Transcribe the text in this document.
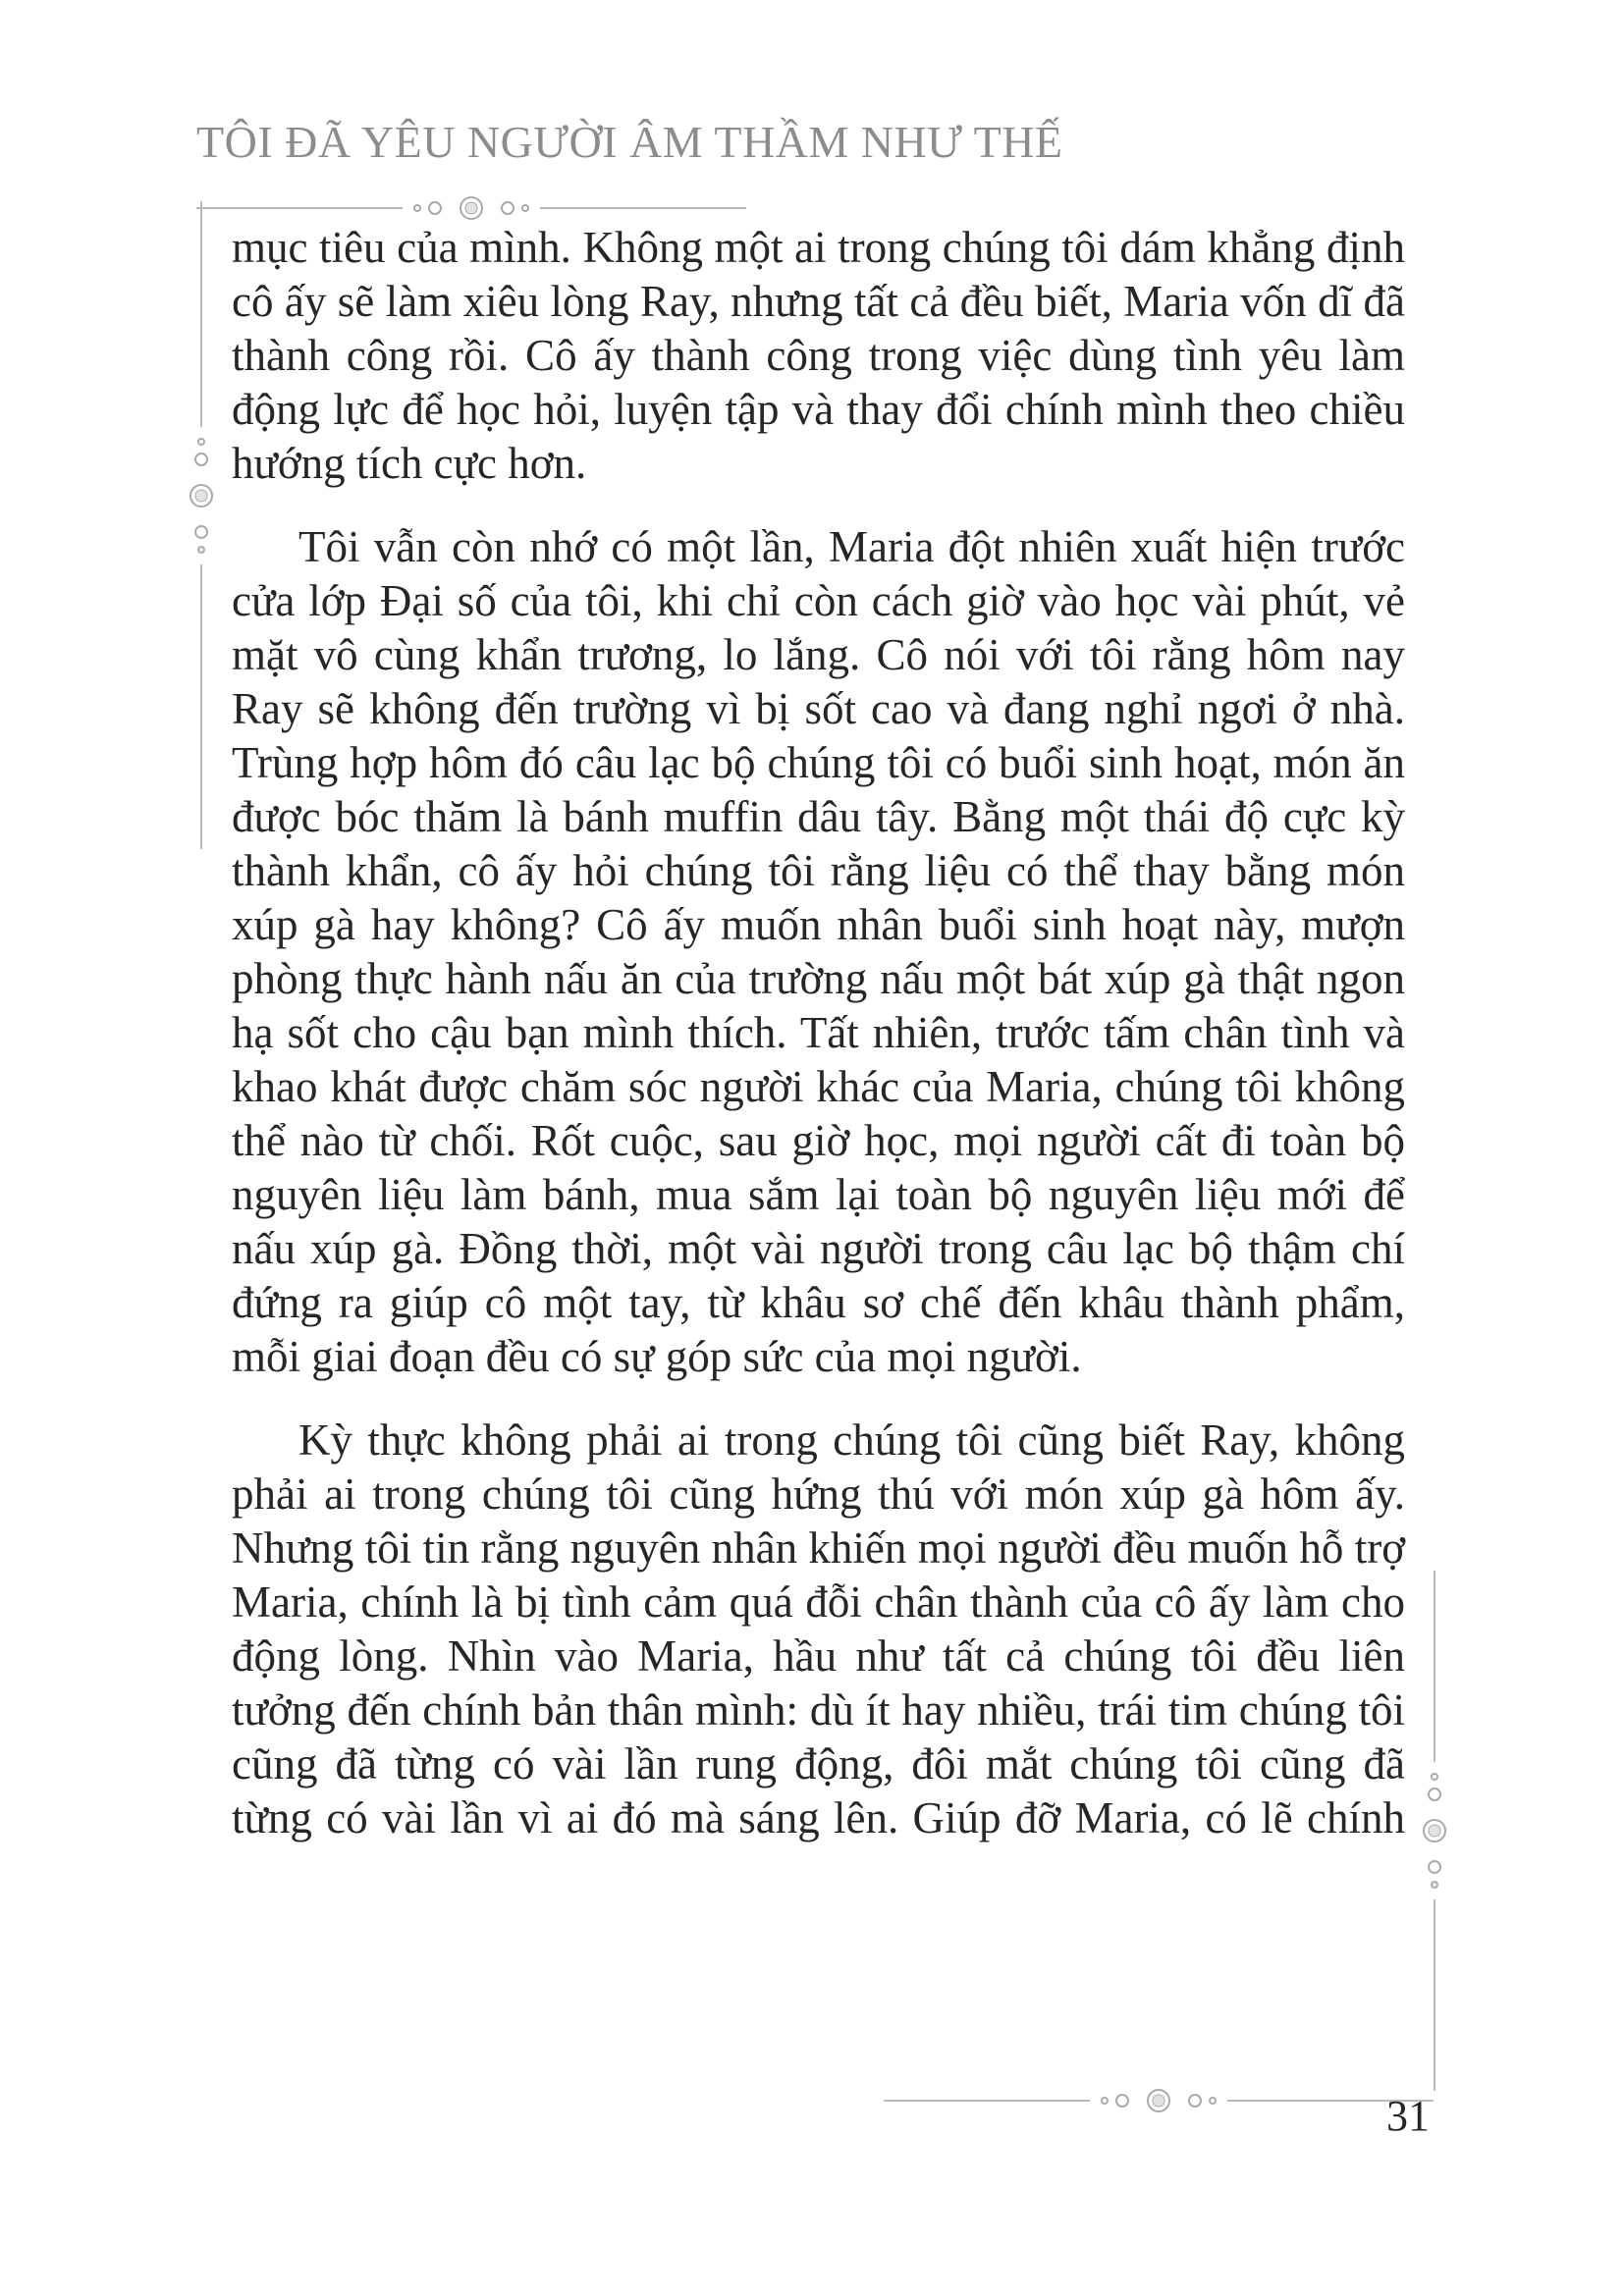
TÔI ĐÃ YÊU NGƯỜI ÂM THẦM NHƯ THẾ

mục tiêu của mình. Không một ai trong chúng tôi dám khẳng định cô ấy sẽ làm xiêu lòng Ray, nhưng tất cả đều biết, Maria vốn dĩ đã thành công rồi. Cô ấy thành công trong việc dùng tình yêu làm động lực để học hỏi, luyện tập và thay đổi chính mình theo chiều hướng tích cực hơn.

Tôi vẫn còn nhớ có một lần, Maria đột nhiên xuất hiện trước cửa lớp Đại số của tôi, khi chỉ còn cách giờ vào học vài phút, vẻ mặt vô cùng khẩn trương, lo lắng. Cô nói với tôi rằng hôm nay Ray sẽ không đến trường vì bị sốt cao và đang nghỉ ngơi ở nhà. Trùng hợp hôm đó câu lạc bộ chúng tôi có buổi sinh hoạt, món ăn được bóc thăm là bánh muffin dâu tây. Bằng một thái độ cực kỳ thành khẩn, cô ấy hỏi chúng tôi rằng liệu có thể thay bằng món xúp gà hay không? Cô ấy muốn nhân buổi sinh hoạt này, mượn phòng thực hành nấu ăn của trường nấu một bát xúp gà thật ngon hạ sốt cho cậu bạn mình thích. Tất nhiên, trước tấm chân tình và khao khát được chăm sóc người khác của Maria, chúng tôi không thể nào từ chối. Rốt cuộc, sau giờ học, mọi người cất đi toàn bộ nguyên liệu làm bánh, mua sắm lại toàn bộ nguyên liệu mới để nấu xúp gà. Đồng thời, một vài người trong câu lạc bộ thậm chí đứng ra giúp cô một tay, từ khâu sơ chế đến khâu thành phẩm, mỗi giai đoạn đều có sự góp sức của mọi người.

Kỳ thực không phải ai trong chúng tôi cũng biết Ray, không phải ai trong chúng tôi cũng hứng thú với món xúp gà hôm ấy. Nhưng tôi tin rằng nguyên nhân khiến mọi người đều muốn hỗ trợ Maria, chính là bị tình cảm quá đỗi chân thành của cô ấy làm cho động lòng. Nhìn vào Maria, hầu như tất cả chúng tôi đều liên tưởng đến chính bản thân mình: dù ít hay nhiều, trái tim chúng tôi cũng đã từng có vài lần rung động, đôi mắt chúng tôi cũng đã từng có vài lần vì ai đó mà sáng lên. Giúp đỡ Maria, có lẽ chính

31
